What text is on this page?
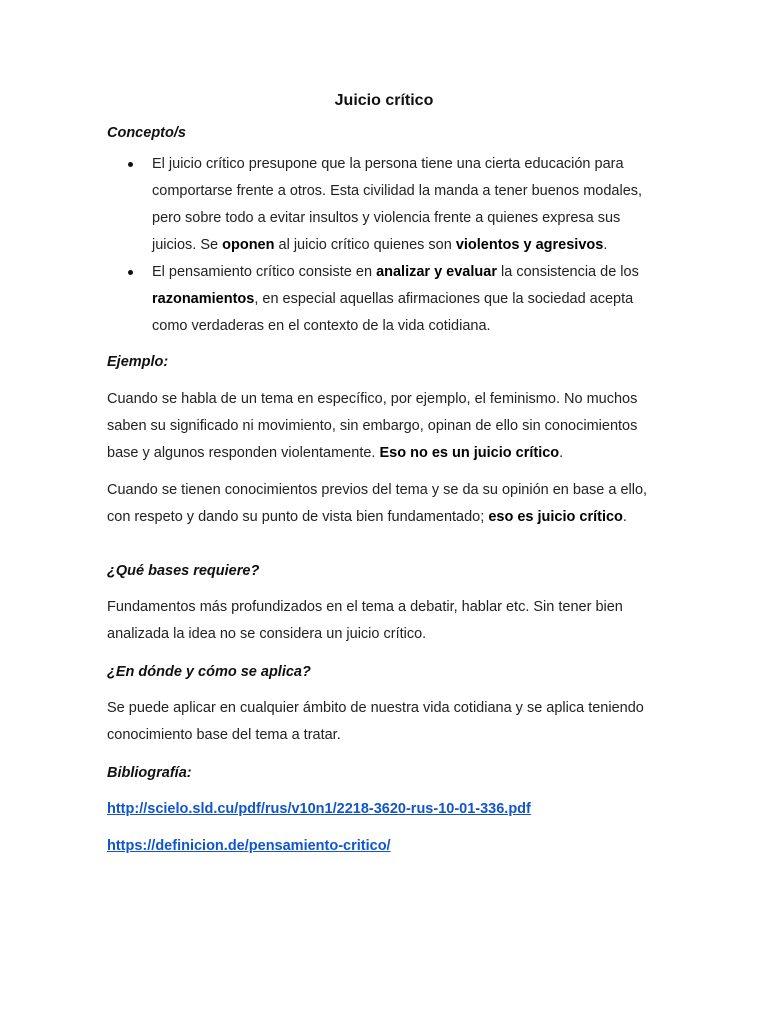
Juicio crítico
Concepto/s
El juicio crítico presupone que la persona tiene una cierta educación para comportarse frente a otros. Esta civilidad la manda a tener buenos modales, pero sobre todo a evitar insultos y violencia frente a quienes expresa sus juicios. Se oponen al juicio crítico quienes son violentos y agresivos.
El pensamiento crítico consiste en analizar y evaluar la consistencia de los razonamientos, en especial aquellas afirmaciones que la sociedad acepta como verdaderas en el contexto de la vida cotidiana.
Ejemplo:
Cuando se habla de un tema en específico, por ejemplo, el feminismo. No muchos saben su significado ni movimiento, sin embargo, opinan de ello sin conocimientos base y algunos responden violentamente. Eso no es un juicio crítico.
Cuando se tienen conocimientos previos del tema y se da su opinión en base a ello, con respeto y dando su punto de vista bien fundamentado; eso es juicio crítico.
¿Qué bases requiere?
Fundamentos más profundizados en el tema a debatir, hablar etc. Sin tener bien analizada la idea no se considera un juicio crítico.
¿En dónde y cómo se aplica?
Se puede aplicar en cualquier ámbito de nuestra vida cotidiana y se aplica teniendo conocimiento base del tema a tratar.
Bibliografía:
http://scielo.sld.cu/pdf/rus/v10n1/2218-3620-rus-10-01-336.pdf
https://definicion.de/pensamiento-critico/
